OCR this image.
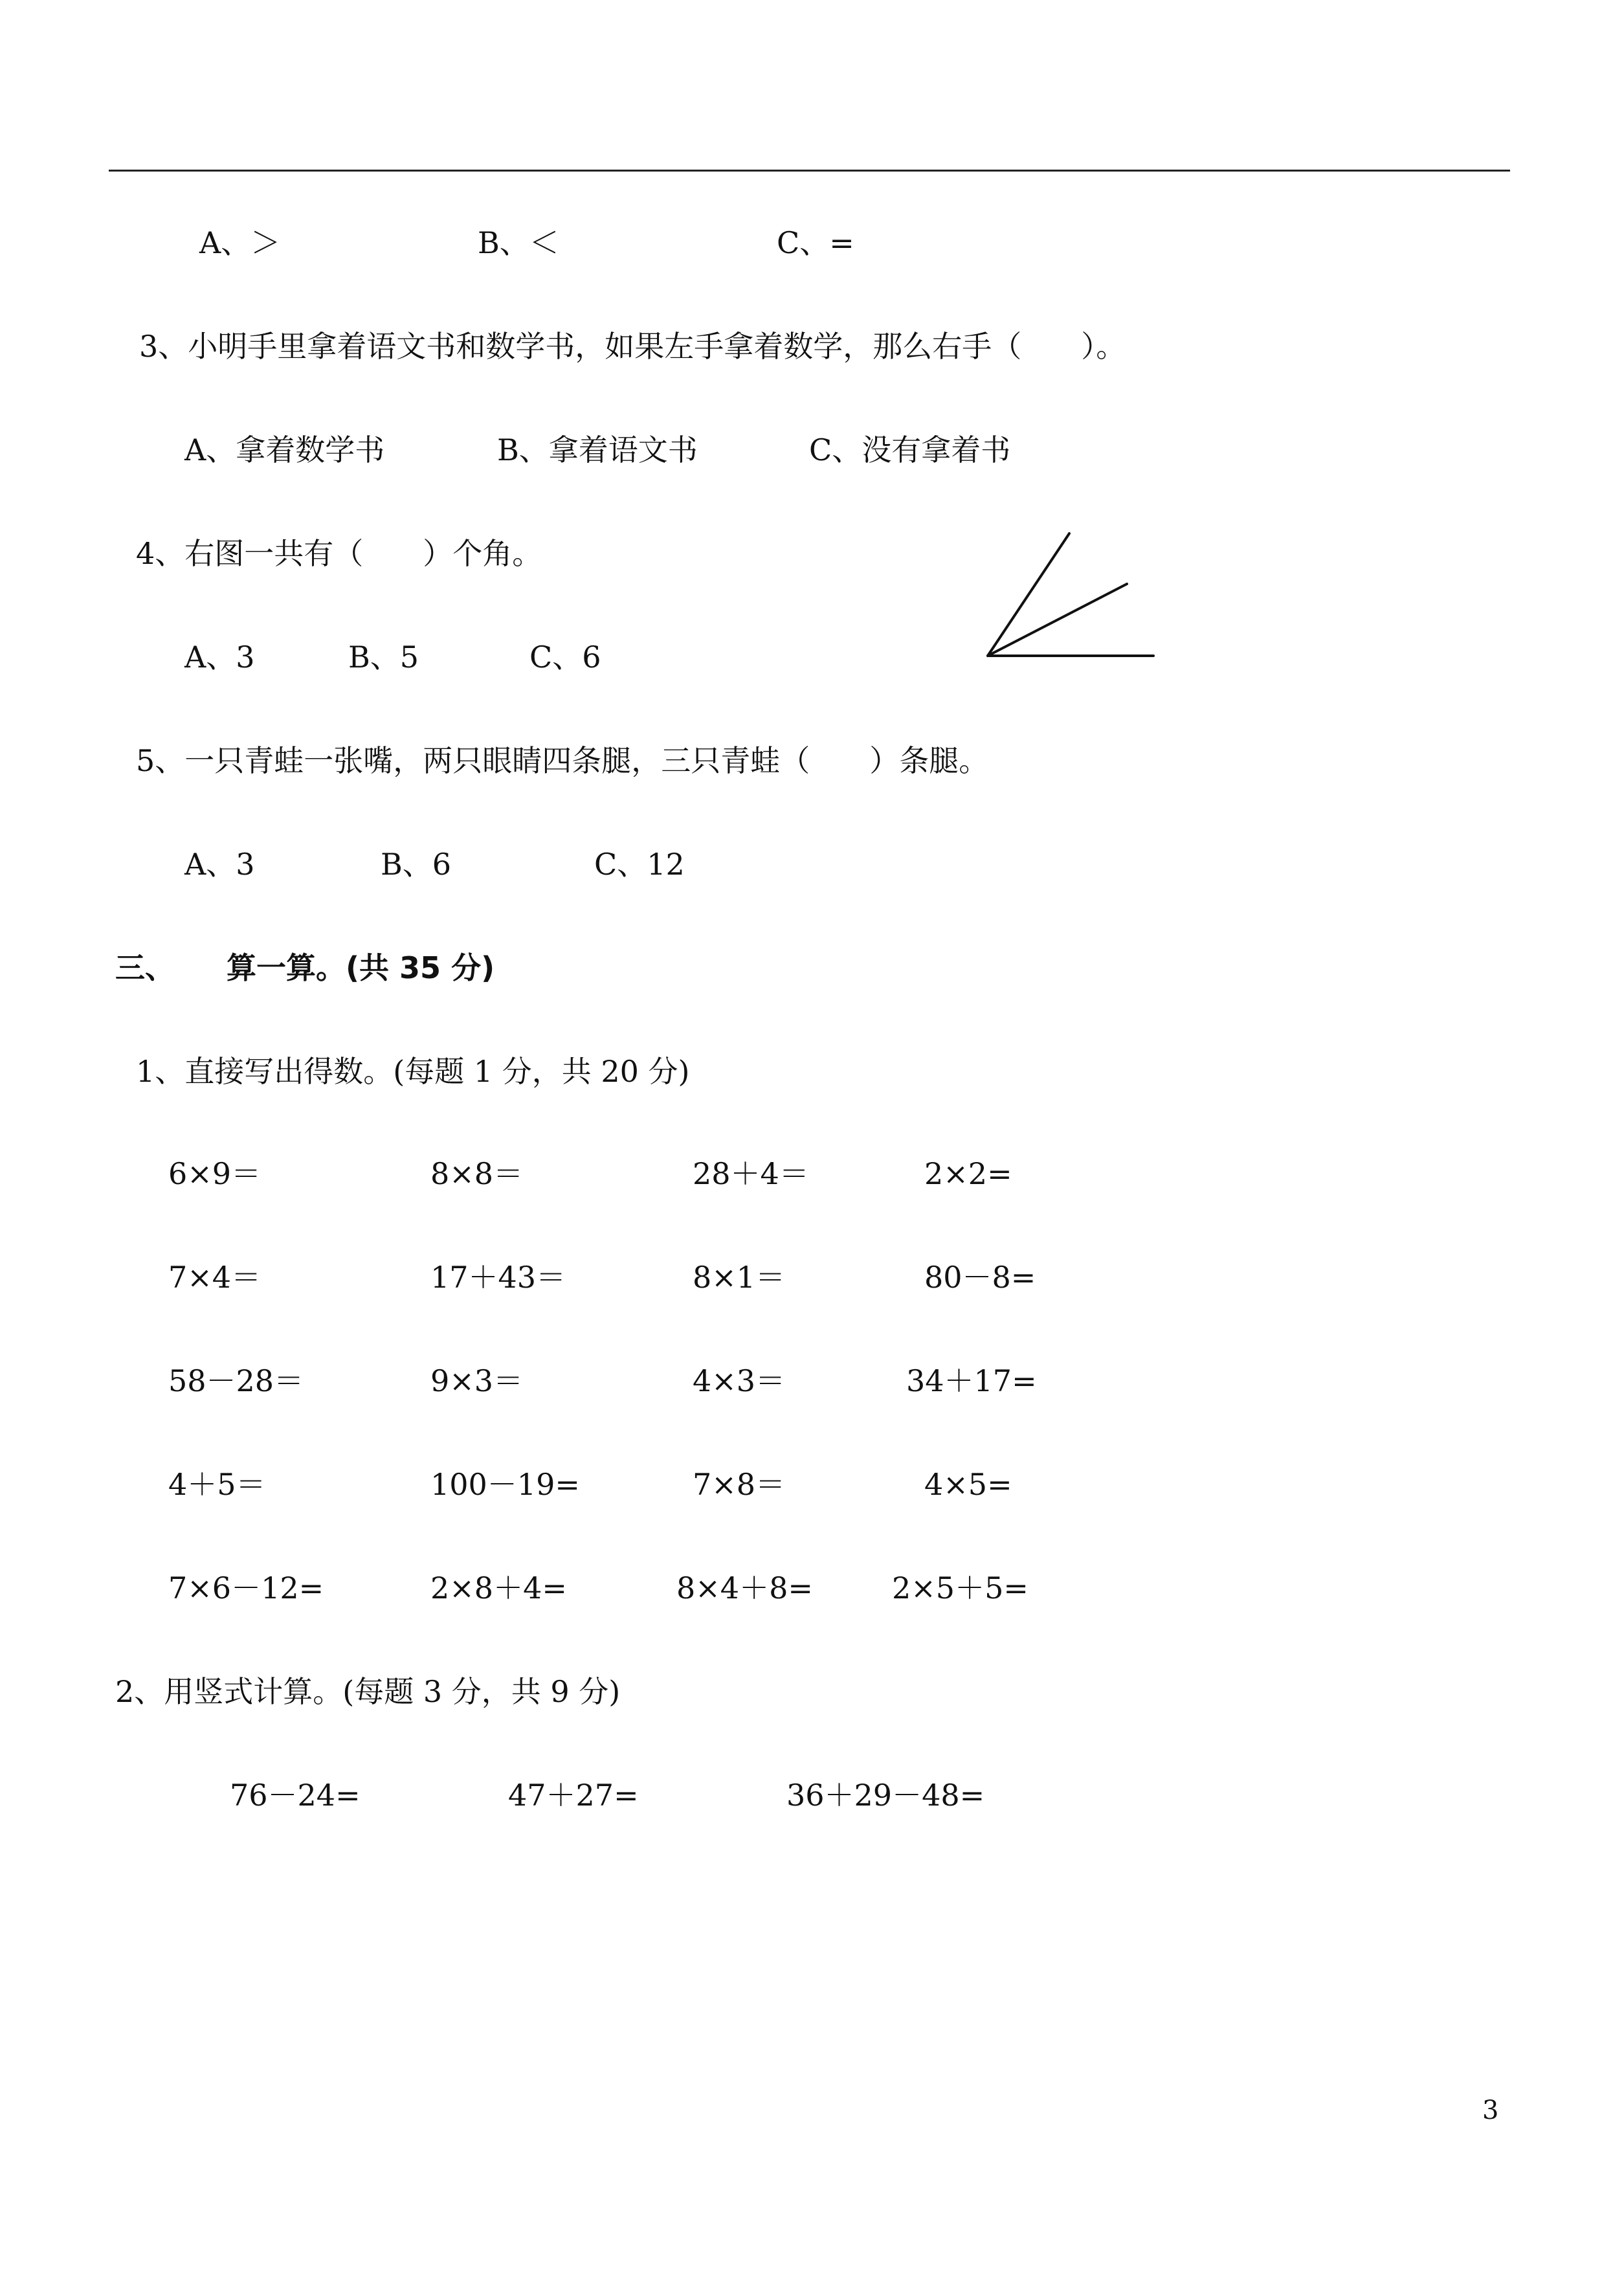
A、＞	B、＜	C、=
3、小明手里拿着语文书和数学书，如果左手拿着数学，那么右手（　　）。
A、拿着数学书	B、拿着语文书	C、没有拿着书
4、右图一共有（　　）个角。
A、3	B、5	C、6
5、一只青蛙一张嘴，两只眼睛四条腿，三只青蛙（　　）条腿。
A、3	B、6	C、12
三、 算一算。(共 35 分)
1、直接写出得数。(每题 1 分，共 20 分)
6×9＝	8×8＝	28＋4＝	2×2=
7×4＝	17＋43＝	8×1＝	80－8=
58－28＝	9×3＝	4×3＝	34＋17=
4＋5＝	100－19=	7×8＝	4×5=
7×6－12=	2×8＋4=	8×4＋8=	2×5＋5=
2、用竖式计算。(每题 3 分，共 9 分)
76－24=	47＋27=	36＋29－48=
3
